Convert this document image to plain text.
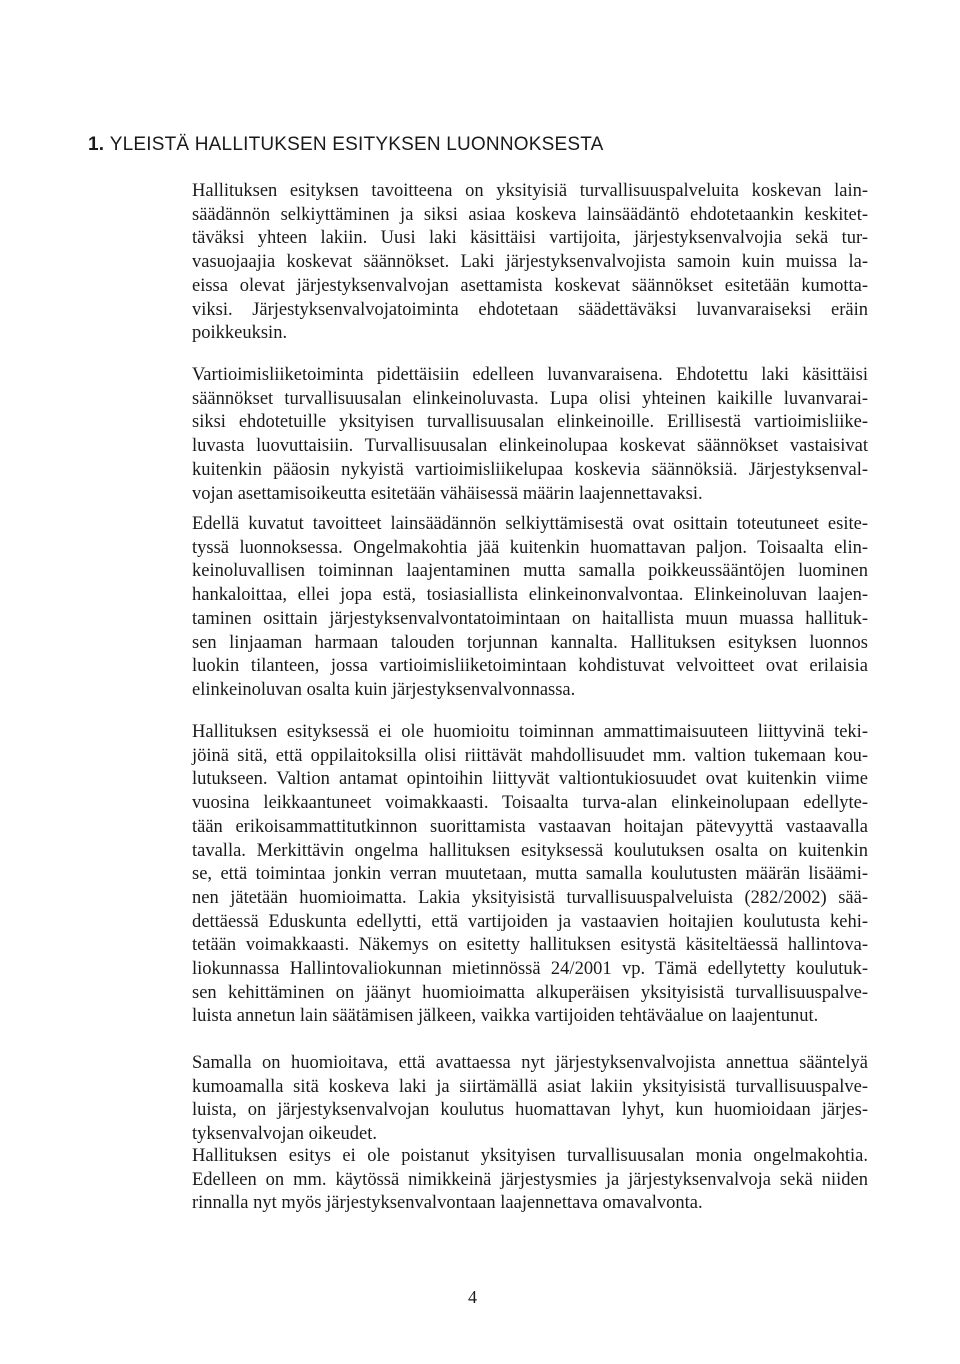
1. YLEISTÄ HALLITUKSEN ESITYKSEN LUONNOKSESTA
Hallituksen esityksen tavoitteena on yksityisiä turvallisuuspalveluita koskevan lain-
säädännön selkiyttäminen ja siksi asiaa koskeva lainsäädäntö ehdotetaankin keskitet-
täväksi yhteen lakiin. Uusi laki käsittäisi vartijoita, järjestyksenvalvojia sekä tur-
vasuojaajia koskevat säännökset. Laki järjestyksenvalvojista samoin kuin muissa la-
eissa olevat järjestyksenvalvojan asettamista koskevat säännökset esitetään kumotta-
viksi. Järjestyksenvalvojatoiminta ehdotetaan säädettäväksi luvanvaraiseksi eräin
poikkeuksin.
Vartioimisliiketoiminta pidettäisiin edelleen luvanvaraisena. Ehdotettu laki käsittäisi
säännökset turvallisuusalan elinkeinoluvasta. Lupa olisi yhteinen kaikille luvanvarai-
siksi ehdotetuille yksityisen turvallisuusalan elinkeinoille. Erillisestä vartioimisliike-
luvasta luovuttaisiin. Turvallisuusalan elinkeinolupaa koskevat säännökset vastaisivat
kuitenkin pääosin nykyistä vartioimisliikelupaa koskevia säännöksiä. Järjestyksenval-
vojan asettamisoikeutta esitetään vähäisessä määrin laajennettavaksi.
Edellä kuvatut tavoitteet lainsäädännön selkiyttämisestä ovat osittain toteutuneet esite-
tyssä luonnoksessa. Ongelmakohtia jää kuitenkin huomattavan paljon. Toisaalta elin-
keinoluvallisen toiminnan laajentaminen mutta samalla poikkeussääntöjen luominen
hankaloittaa, ellei jopa estä, tosiasiallista elinkeinonvalvontaa. Elinkeinoluvan laajen-
taminen osittain järjestyksenvalvontatoimintaan on haitallista muun muassa hallituk-
sen linjaaman harmaan talouden torjunnan kannalta. Hallituksen esityksen luonnos
luokin tilanteen, jossa vartioimisliiketoimintaan kohdistuvat velvoitteet ovat erilaisia
elinkeinoluvan osalta kuin järjestyksenvalvonnassa.
Hallituksen esityksessä ei ole huomioitu toiminnan ammattimaisuuteen liittyvinä teki-
jöinä sitä, että oppilaitoksilla olisi riittävät mahdollisuudet mm. valtion tukemaan kou-
lutukseen. Valtion antamat opintoihin liittyvät valtiontukiosuudet ovat kuitenkin viime
vuosina leikkaantuneet voimakkaasti. Toisaalta turva-alan elinkeinolupaan edellyte-
tään erikoisammattitutkinnon suorittamista vastaavan hoitajan pätevyyttä vastaavalla
tavalla. Merkittävin ongelma hallituksen esityksessä koulutuksen osalta on kuitenkin
se, että toimintaa jonkin verran muutetaan, mutta samalla koulutusten määrän lisäämi-
nen jätetään huomioimatta. Lakia yksityisistä turvallisuuspalveluista (282/2002) sää-
dettäessä Eduskunta edellytti, että vartijoiden ja vastaavien hoitajien koulutusta kehi-
tetään voimakkaasti. Näkemys on esitetty hallituksen esitystä käsiteltäessä hallintova-
liokunnassa Hallintovaliokunnan mietinnössä 24/2001 vp. Tämä edellytetty koulutuk-
sen kehittäminen on jäänyt huomioimatta alkuperäisen yksityisistä turvallisuuspalve-
luista annetun lain säätämisen jälkeen, vaikka vartijoiden tehtäväalue on laajentunut.
Samalla on huomioitava, että avattaessa nyt järjestyksenvalvojista annettua sääntelyä
kumoamalla sitä koskeva laki ja siirtämällä asiat lakiin yksityisistä turvallisuuspalve-
luista, on järjestyksenvalvojan koulutus huomattavan lyhyt, kun huomioidaan järjes-
tyksenvalvojan oikeudet.
Hallituksen esitys ei ole poistanut yksityisen turvallisuusalan monia ongelmakohtia.
Edelleen on mm. käytössä nimikkeinä järjestysmies ja järjestyksenvalvoja sekä niiden
rinnalla nyt myös järjestyksenvalvontaan laajennettava omavalvonta.
4
